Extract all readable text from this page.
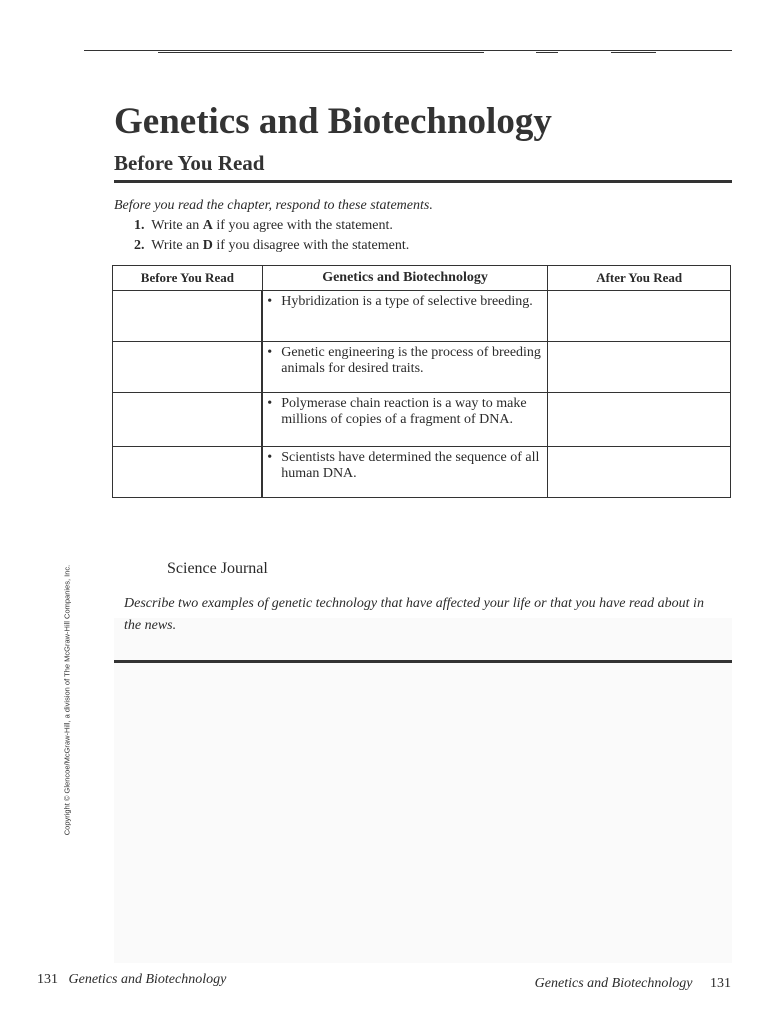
Genetics and Biotechnology
Before You Read
Before you read the chapter, respond to these statements.
1. Write an A if you agree with the statement.
2. Write an D if you disagree with the statement.
Before You Read	Genetics and Biotechnology	After You Read

	• Hybridization is a type of selective breeding.	

	• Genetic engineering is the process of breeding animals for desired traits.	

	• Polymerase chain reaction is a way to make millions of copies of a fragment of DNA.	

	• Scientists have determined the sequence of all human DNA.	

Copyright © Glencoe/McGraw-Hill, a division of The McGraw-Hill Companies, Inc.	Science Journal
Describe two examples of genetic technology that have affected your life or that you have read about in the news.
131 Genetics and Biotechnology	Genetics and Biotechnology 131
